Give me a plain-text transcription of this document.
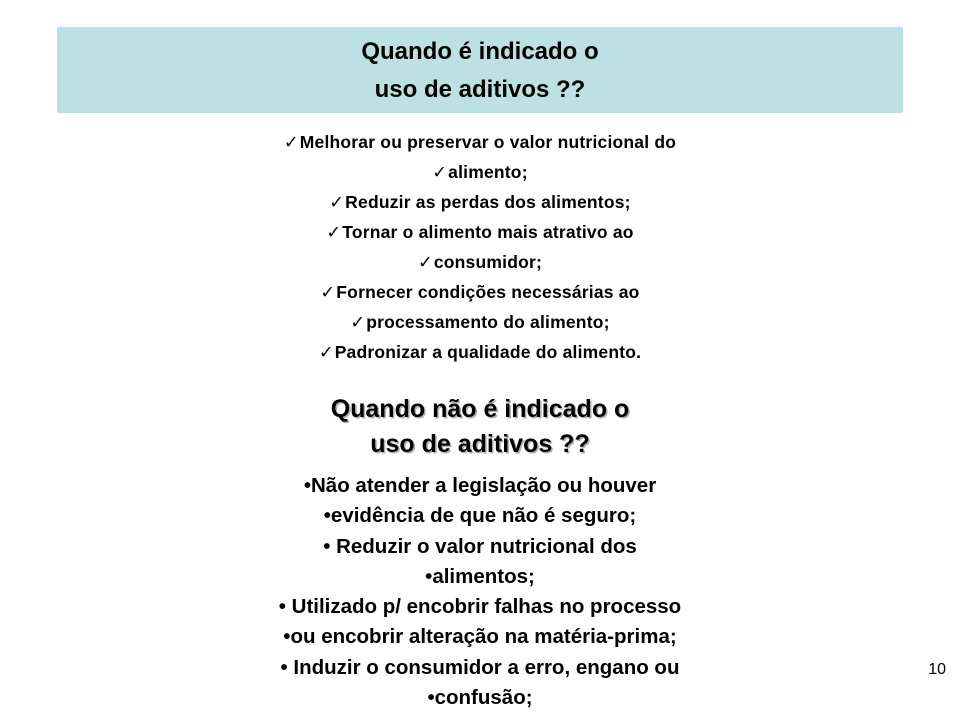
Quando é indicado o
uso de aditivos ??
✓Melhorar ou preservar o valor nutricional do
✓alimento;
✓Reduzir as perdas dos alimentos;
✓Tornar o alimento mais atrativo ao
✓consumidor;
✓Fornecer condições necessárias ao
✓processamento do alimento;
✓Padronizar a qualidade do alimento.
Quando não é indicado o
uso de aditivos ??
•Não atender a legislação ou houver
•evidência de que não é seguro;
• Reduzir o valor nutricional dos
•alimentos;
• Utilizado p/ encobrir falhas no processo
•ou encobrir alteração na matéria-prima;
• Induzir o consumidor a erro, engano ou
•confusão;
10
